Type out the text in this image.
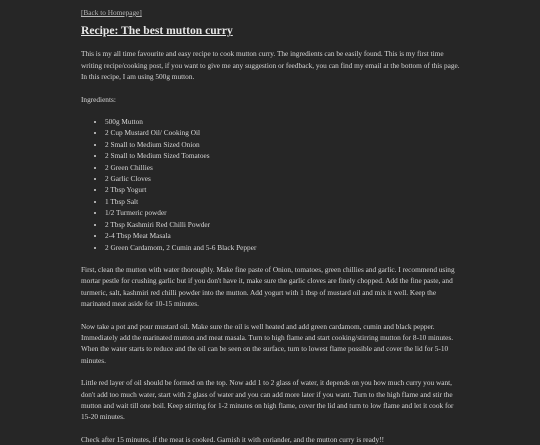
[Back to Homepage]
Recipe: The best mutton curry

This is my all time favourite and easy recipe to cook mutton curry. The ingredients can be easily found. This is my first time writing recipe/cooking post, if you want to give me any suggestion or feedback, you can find my email at the bottom of this page. In this recipe, I am using 500g mutton.

Ingredients:

• 500g Mutton
• 2 Cup Mustard Oil/ Cooking Oil
• 2 Small to Medium Sized Onion
• 2 Small to Medium Sized Tomatoes
• 2 Green Chillies
• 2 Garlic Cloves
• 2 Tbsp Yogurt
• 1 Tbsp Salt
• 1/2 Turmeric powder
• 2 Tbsp Kashmiri Red Chilli Powder
• 2-4 Tbsp Meat Masala
• 2 Green Cardamom, 2 Cumin and 5-6 Black Pepper

First, clean the mutton with water thoroughly. Make fine paste of Onion, tomatoes, green chillies and garlic. I recommend using mortar pestle for crushing garlic but if you don't have it, make sure the garlic cloves are finely chopped. Add the fine paste, and turmeric, salt, kashmiri red chilli powder into the mutton. Add yogurt with 1 tbsp of mustard oil and mix it well. Keep the marinated meat aside for 10-15 minutes.

Now take a pot and pour mustard oil. Make sure the oil is well heated and add green cardamom, cumin and black pepper. Immediately add the marinated mutton and meat masala. Turn to high flame and start cooking/stirring mutton for 8-10 minutes. When the water starts to reduce and the oil can be seen on the surface, turn to lowest flame possible and cover the lid for 5-10 minutes.

Little red layer of oil should be formed on the top. Now add 1 to 2 glass of water, it depends on you how much curry you want, don't add too much water, start with 2 glass of water and you can add more later if you want. Turn to the high flame and stir the mutton and wait till one boil. Keep stirring for 1-2 minutes on high flame, cover the lid and turn to low flame and let it cook for 15-20 minutes.

Check after 15 minutes, if the meat is cooked. Garnish it with coriander, and the mutton curry is ready!!
